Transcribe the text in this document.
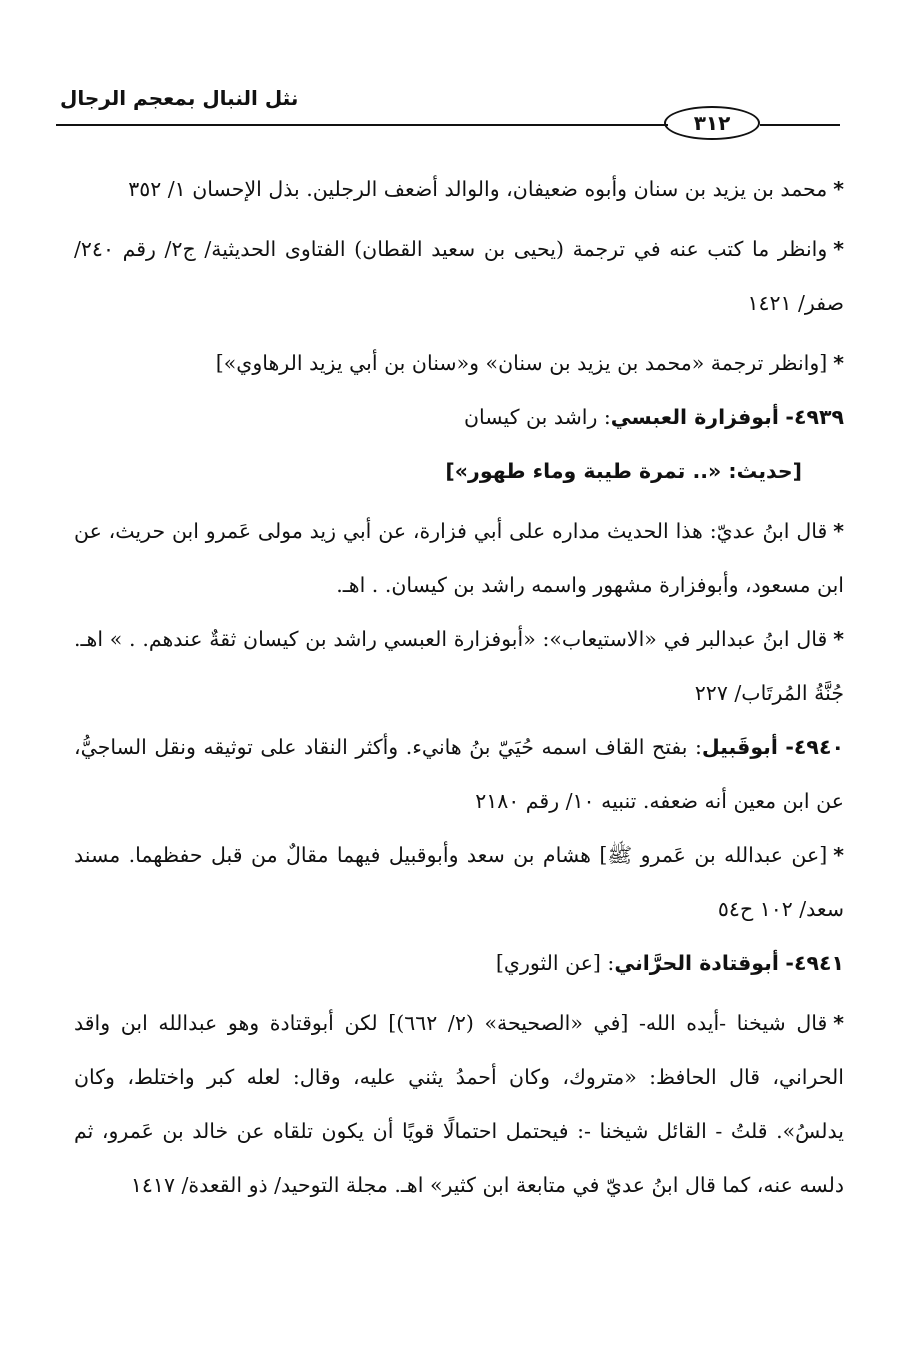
نثل النبال بمعجم الرجال
٣١٢

*محمد بن يزيد بن سنان وأبوه ضعيفان، والوالد أضعف الرجلين. بذل الإحسان ١/ ٣٥٢

*وانظر ما كتب عنه في ترجمة (يحيى بن سعيد القطان) الفتاوى الحديثية/ ج٢/ رقم ٢٤٠/ صفر/ ١٤٢١

*[وانظر ترجمة «محمد بن يزيد بن سنان» و«سنان بن أبي يزيد الرهاوي»]

٤٩٣٩- أبوفزارة العبسي: راشد بن كيسان

[حديث: «.. تمرة طيبة وماء طهور»]

*قال ابنُ عديّ: هذا الحديث مداره على أبي فزارة، عن أبي زيد مولى عَمرو ابن حريث، عن ابن مسعود، وأبوفزارة مشهور واسمه راشد بن كيسان. . اهـ.

*قال ابنُ عبدالبر في «الاستيعاب»: «أبوفزارة العبسي راشد بن كيسان ثقةٌ عندهم. . » اهـ. جُنَّةُ المُرتَاب/ ٢٢٧

٤٩٤٠- أبوقَبيل: بفتح القاف اسمه حُيَيّ بنُ هانيء. وأكثر النقاد على توثيقه ونقل الساجيُّ، عن ابن معين أنه ضعفه. تنبيه ١٠/ رقم ٢١٨٠

*[عن عبدالله بن عَمرو ﷺ] هشام بن سعد وأبوقبيل فيهما مقالٌ من قبل حفظهما. مسند سعد/ ١٠٢ ح٥٤

٤٩٤١- أبوقتادة الحرَّاني: [عن الثوري]

*قال شيخنا -أيده الله- [في «الصحيحة» (٢/ ٦٦٢)] لكن أبوقتادة وهو عبدالله ابن واقد الحراني، قال الحافظ: «متروك، وكان أحمدُ يثني عليه، وقال: لعله كبر واختلط، وكان يدلسُ». قلتُ - القائل شيخنا -: فيحتمل احتمالًا قويًا أن يكون تلقاه عن خالد بن عَمرو، ثم دلسه عنه، كما قال ابنُ عديّ في متابعة ابن كثير» اهـ. مجلة التوحيد/ ذو القعدة/ ١٤١٧
